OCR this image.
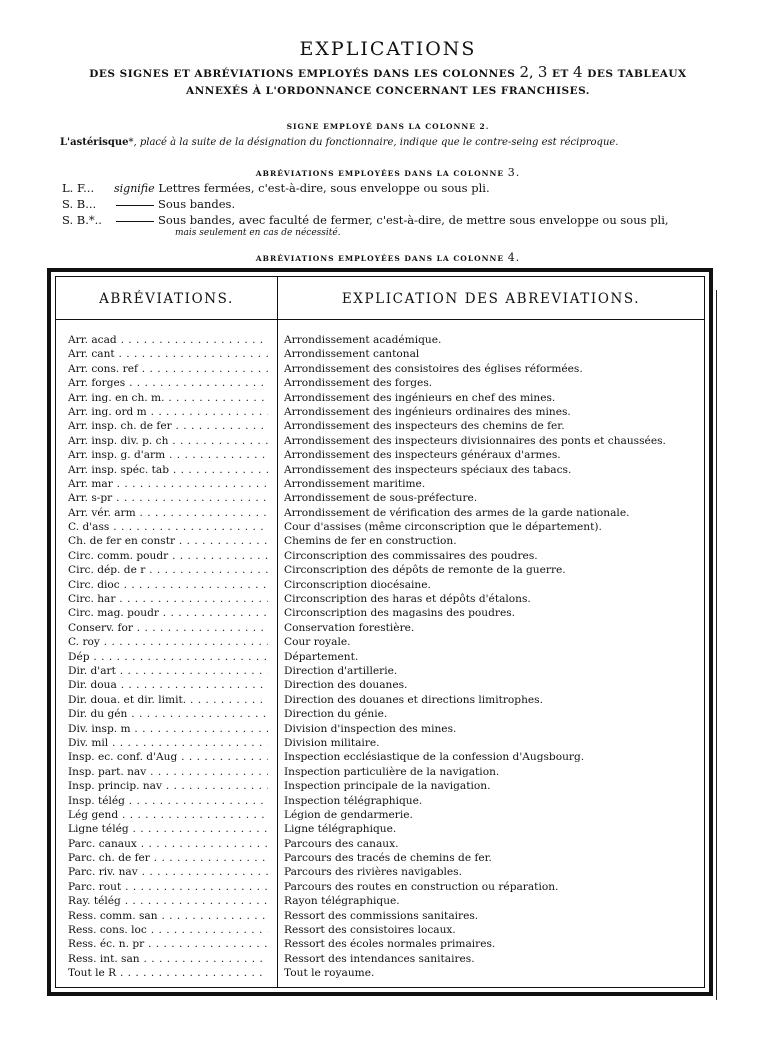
EXPLICATIONS
DES SIGNES ET ABRÉVIATIONS EMPLOYÉS DANS LES COLONNES 2, 3 ET 4 DES TABLEAUX
ANNEXÉS À L'ORDONNANCE CONCERNANT LES FRANCHISES.
SIGNE EMPLOYÉ DANS LA COLONNE 2.
L'astérisque*, placé à la suite de la désignation du fonctionnaire, indique que le contre-seing est réciproque.
ABRÉVIATIONS EMPLOYÉES DANS LA COLONNE 3.
L. F... signifie Lettres fermées, c'est-à-dire, sous enveloppe ou sous pli.
S. B...	Sous bandes.
S. B.*..	Sous bandes, avec faculté de fermer, c'est-à-dire, de mettre sous enveloppe ou sous pli,
mais seulement en cas de nécessité.
ABRÉVIATIONS EMPLOYÉES DANS LA COLONNE 4.
ABRÉVIATIONS.	EXPLICATION DES ABREVIATIONS.
Arr. acad . . .	Arrondissement académique.
Arr. cant . . .	Arrondissement cantonal
Arr. cons. ref . . .	Arrondissement des consistoires des églises réformées.
Arr. forges . . .	Arrondissement des forges.
Arr. ing. en ch. m. . . .	Arrondissement des ingénieurs en chef des mines.
Arr. ing. ord m . . .	Arrondissement des ingénieurs ordinaires des mines.
Arr. insp. ch. de fer . . .	Arrondissement des inspecteurs des chemins de fer.
Arr. insp. div. p. ch . . .	Arrondissement des inspecteurs divisionnaires des ponts et chaussées.
Arr. insp. g. d'arm . . .	Arrondissement des inspecteurs généraux d'armes.
Arr. insp. spéc. tab . . .	Arrondissement des inspecteurs spéciaux des tabacs.
Arr. mar . . .	Arrondissement maritime.
Arr. s-pr . . .	Arrondissement de sous-préfecture.
Arr. vér. arm . . .	Arrondissement de vérification des armes de la garde nationale.
C. d'ass . . .	Cour d'assises (même circonscription que le département).
Ch. de fer en constr . . .	Chemins de fer en construction.
Circ. comm. poudr . . .	Circonscription des commissaires des poudres.
Circ. dép. de r . . .	Circonscription des dépôts de remonte de la guerre.
Circ. dioc . . .	Circonscription diocésaine.
Circ. har . . .	Circonscription des haras et dépôts d'étalons.
Circ. mag. poudr . . .	Circonscription des magasins des poudres.
Conserv. for . . .	Conservation forestière.
C. roy . . .	Cour royale.
Dép . . .	Département.
Dir. d'art . . .	Direction d'artillerie.
Dir. doua . . .	Direction des douanes.
Dir. doua. et dir. limit. . . .	Direction des douanes et directions limitrophes.
Dir. du gén . . .	Direction du génie.
Div. insp. m . . .	Division d'inspection des mines.
Div. mil . . .	Division militaire.
Insp. ec. conf. d'Aug . . .	Inspection ecclésiastique de la confession d'Augsbourg.
Insp. part. nav . . .	Inspection particulière de la navigation.
Insp. princip. nav . . .	Inspection principale de la navigation.
Insp. télég . . .	Inspection télégraphique.
Lég gend . . .	Légion de gendarmerie.
Ligne télég . . .	Ligne télégraphique.
Parc. canaux . . .	Parcours des canaux.
Parc. ch. de fer . . .	Parcours des tracés de chemins de fer.
Parc. riv. nav . . .	Parcours des rivières navigables.
Parc. rout . . .	Parcours des routes en construction ou réparation.
Ray. télég . . .	Rayon télégraphique.
Ress. comm. san . . .	Ressort des commissions sanitaires.
Ress. cons. loc . . .	Ressort des consistoires locaux.
Ress. éc. n. pr . . .	Ressort des écoles normales primaires.
Ress. int. san . . .	Ressort des intendances sanitaires.
Tout le R . . .	Tout le royaume.
